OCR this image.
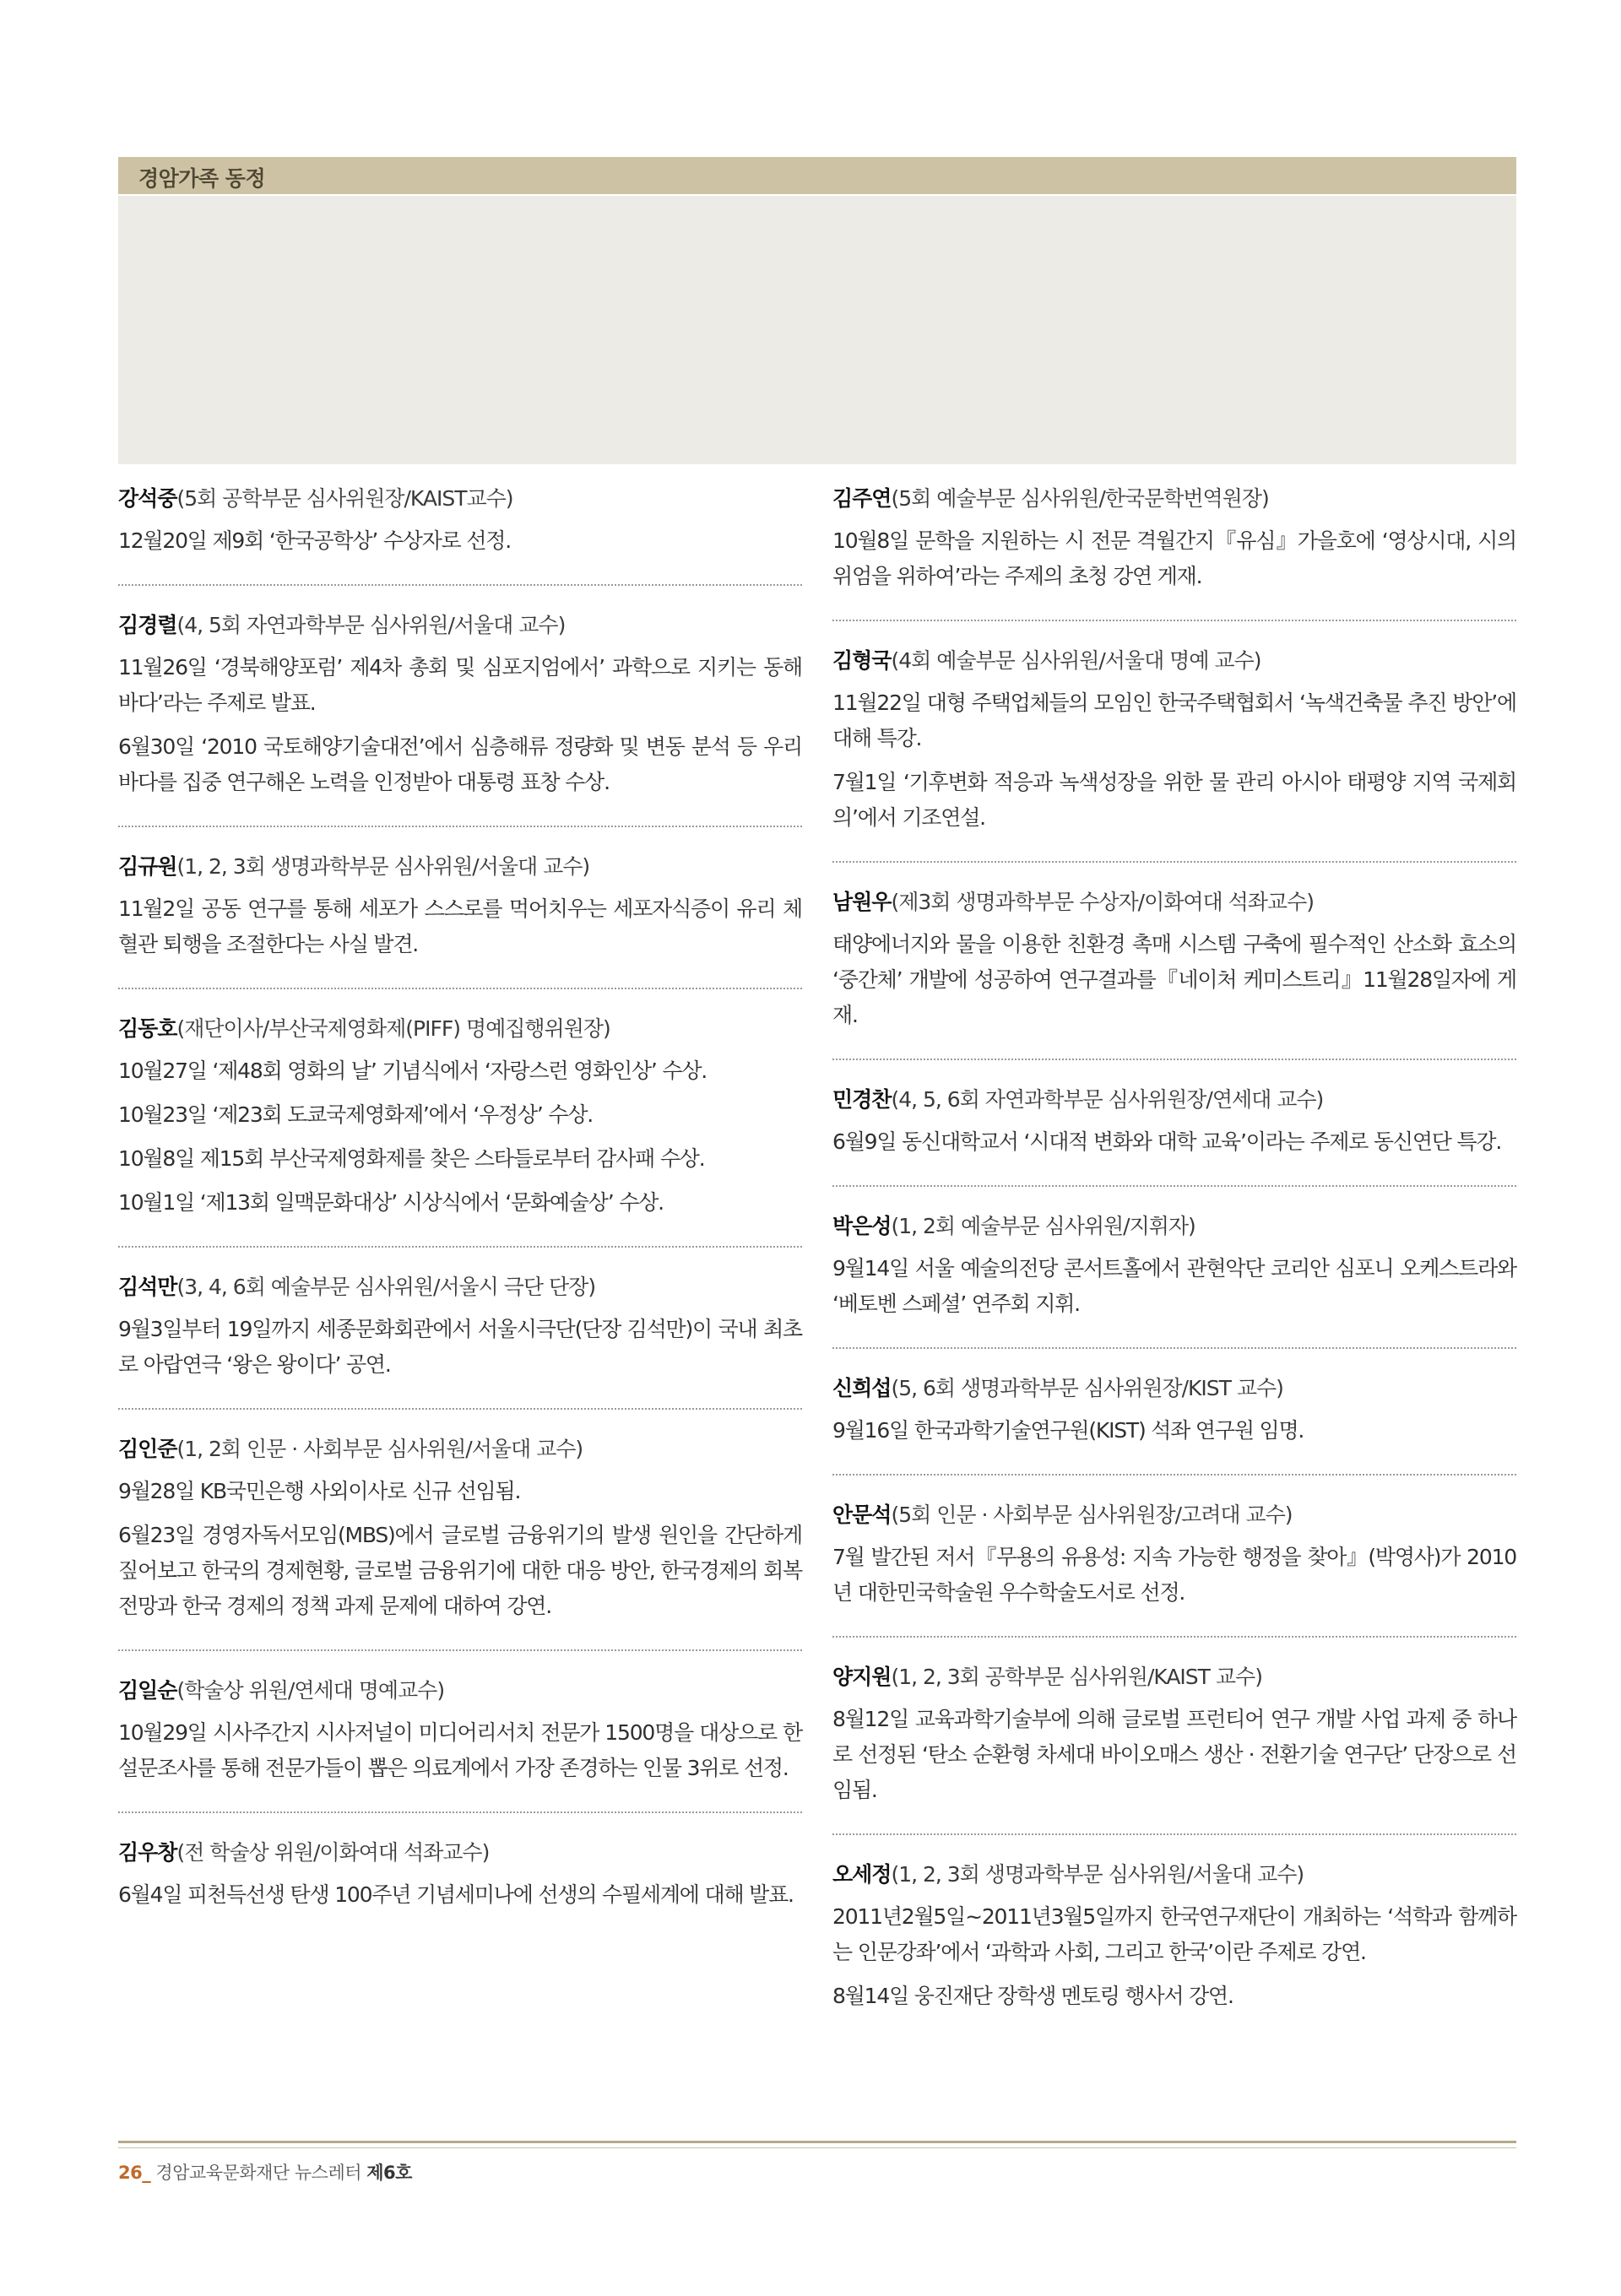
경암가족 동정

강석중(5회 공학부문 심사위원장/KAIST교수)

12월20일 제9회 ‘한국공학상’ 수상자로 선정.

김경렬(4, 5회 자연과학부문 심사위원/서울대 교수)

11월26일 ‘경북해양포럼’ 제4차 총회 및 심포지엄에서’ 과학으로 지키는 동해바다’라는 주제로 발표.

6월30일 ‘2010 국토해양기술대전’에서 심층해류 정량화 및 변동 분석 등 우리 바다를 집중 연구해온 노력을 인정받아 대통령 표창 수상.

김규원(1, 2, 3회 생명과학부문 심사위원/서울대 교수)

11월2일 공동 연구를 통해 세포가 스스로를 먹어치우는 세포자식증이 유리 체혈관 퇴행을 조절한다는 사실 발견.

김동호(재단이사/부산국제영화제(PIFF) 명예집행위원장)

10월27일 ‘제48회 영화의 날’ 기념식에서 ‘자랑스런 영화인상’ 수상.

10월23일 ‘제23회 도쿄국제영화제’에서 ‘우정상’ 수상.

10월8일 제15회 부산국제영화제를 찾은 스타들로부터 감사패 수상.

10월1일 ‘제13회 일맥문화대상’ 시상식에서 ‘문화예술상’ 수상.

김석만(3, 4, 6회 예술부문 심사위원/서울시 극단 단장)

9월3일부터 19일까지 세종문화회관에서 서울시극단(단장 김석만)이 국내 최초로 아랍연극 ‘왕은 왕이다’ 공연.

김인준(1, 2회 인문 · 사회부문 심사위원/서울대 교수)

9월28일 KB국민은행 사외이사로 신규 선임됨.

6월23일 경영자독서모임(MBS)에서 글로벌 금융위기의 발생 원인을 간단하게 짚어보고 한국의 경제현황, 글로벌 금융위기에 대한 대응 방안, 한국경제의 회복 전망과 한국 경제의 정책 과제 문제에 대하여 강연.

김일순(학술상 위원/연세대 명예교수)

10월29일 시사주간지 시사저널이 미디어리서치 전문가 1500명을 대상으로 한 설문조사를 통해 전문가들이 뽑은 의료계에서 가장 존경하는 인물 3위로 선정.

김우창(전 학술상 위원/이화여대 석좌교수)

6월4일 피천득선생 탄생 100주년 기념세미나에 선생의 수필세계에 대해 발표.

김주연(5회 예술부문 심사위원/한국문학번역원장)

10월8일 문학을 지원하는 시 전문 격월간지『유심』가을호에 ‘영상시대, 시의 위엄을 위하여’라는 주제의 초청 강연 게재.

김형국(4회 예술부문 심사위원/서울대 명예 교수)

11월22일 대형 주택업체들의 모임인 한국주택협회서 ‘녹색건축물 추진 방안’에 대해 특강.

7월1일 ‘기후변화 적응과 녹색성장을 위한 물 관리 아시아 태평양 지역 국제회의’에서 기조연설.

남원우(제3회 생명과학부문 수상자/이화여대 석좌교수)

태양에너지와 물을 이용한 친환경 촉매 시스템 구축에 필수적인 산소화 효소의 ‘중간체’ 개발에 성공하여 연구결과를『네이처 케미스트리』11월28일자에 게재.

민경찬(4, 5, 6회 자연과학부문 심사위원장/연세대 교수)

6월9일 동신대학교서 ‘시대적 변화와 대학 교육’이라는 주제로 동신연단 특강.

박은성(1, 2회 예술부문 심사위원/지휘자)

9월14일 서울 예술의전당 콘서트홀에서 관현악단 코리안 심포니 오케스트라와 ‘베토벤 스페셜’ 연주회 지휘.

신희섭(5, 6회 생명과학부문 심사위원장/KIST 교수)

9월16일 한국과학기술연구원(KIST) 석좌 연구원 임명.

안문석(5회 인문 · 사회부문 심사위원장/고려대 교수)

7월 발간된 저서『무용의 유용성: 지속 가능한 행정을 찾아』(박영사)가 2010년 대한민국학술원 우수학술도서로 선정.

양지원(1, 2, 3회 공학부문 심사위원/KAIST 교수)

8월12일 교육과학기술부에 의해 글로벌 프런티어 연구 개발 사업 과제 중 하나로 선정된 ‘탄소 순환형 차세대 바이오매스 생산 · 전환기술 연구단’ 단장으로 선임됨.

오세정(1, 2, 3회 생명과학부문 심사위원/서울대 교수)

2011년2월5일~2011년3월5일까지 한국연구재단이 개최하는 ‘석학과 함께하는 인문강좌’에서 ‘과학과 사회, 그리고 한국’이란 주제로 강연.

8월14일 웅진재단 장학생 멘토링 행사서 강연.

26_ 경암교육문화재단 뉴스레터 제6호
